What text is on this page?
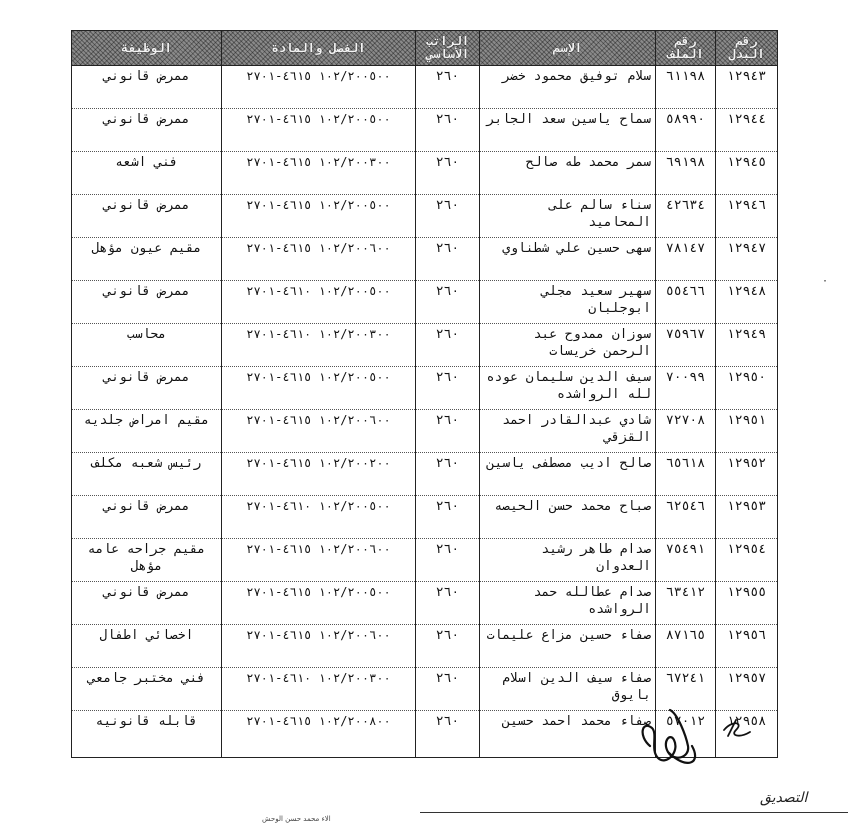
رقم البدل	رقم الملف	الإسم	الراتب الأساسي	الفصل والمادة	الوظيفة
١٢٩٤٣	٦١١٩٨	سلام توفيق محمود خضر	٢٦٠	١٠٢/٢٠٠٥٠٠ ٤٦١٥-٢٧٠١	ممرض قانوني
١٢٩٤٤	٥٨٩٩٠	سماح ياسين سعد الجابر	٢٦٠	١٠٢/٢٠٠٥٠٠ ٤٦١٥-٢٧٠١	ممرض قانوني
١٢٩٤٥	٦٩١٩٨	سمر محمد طه صالح	٢٦٠	١٠٢/٢٠٠٣٠٠ ٤٦١٥-٢٧٠١	فني اشعه
١٢٩٤٦	٤٢٦٣٤	سناء سالم على المحاميد	٢٦٠	١٠٢/٢٠٠٥٠٠ ٤٦١٥-٢٧٠١	ممرض قانوني
١٢٩٤٧	٧٨١٤٧	سهى حسين علي شطناوي	٢٦٠	١٠٢/٢٠٠٦٠٠ ٤٦١٥-٢٧٠١	مقيم عيون مؤهل
١٢٩٤٨	٥٥٤٦٦	سهير سعيد مجلي ابوجلبان	٢٦٠	١٠٢/٢٠٠٥٠٠ ٤٦١٠-٢٧٠١	ممرض قانوني
١٢٩٤٩	٧٥٩٦٧	سوزان ممدوح عبد الرحمن خريسات	٢٦٠	١٠٢/٢٠٠٣٠٠ ٤٦١٠-٢٧٠١	محاسب
١٢٩٥٠	٧٠٠٩٩	سيف الدين سليمان عوده لله الرواشده	٢٦٠	١٠٢/٢٠٠٥٠٠ ٤٦١٥-٢٧٠١	ممرض قانوني
١٢٩٥١	٧٢٧٠٨	شادي عبدالقادر احمد القزقي	٢٦٠	١٠٢/٢٠٠٦٠٠ ٤٦١٥-٢٧٠١	مقيم امراض جلديه
١٢٩٥٢	٦٥٦١٨	صالح اديب مصطفى ياسين	٢٦٠	١٠٢/٢٠٠٢٠٠ ٤٦١٥-٢٧٠١	رئيس شعبه مكلف
١٢٩٥٣	٦٢٥٤٦	صباح محمد حسن الحيصه	٢٦٠	١٠٢/٢٠٠٥٠٠ ٤٦١٠-٢٧٠١	ممرض قانوني
١٢٩٥٤	٧٥٤٩١	صدام طاهر رشيد العدوان	٢٦٠	١٠٢/٢٠٠٦٠٠ ٤٦١٥-٢٧٠١	مقيم جراحه عامه مؤهل
١٢٩٥٥	٦٣٤١٢	صدام عطالله حمد الرواشده	٢٦٠	١٠٢/٢٠٠٥٠٠ ٤٦١٥-٢٧٠١	ممرض قانوني
١٢٩٥٦	٨٧١٦٥	صفاء حسين مزاع عليمات	٢٦٠	١٠٢/٢٠٠٦٠٠ ٤٦١٥-٢٧٠١	اخصائي اطفال
١٢٩٥٧	٦٧٢٤١	صفاء سيف الدين اسلام بايوق	٢٦٠	١٠٢/٢٠٠٣٠٠ ٤٦١٠-٢٧٠١	فني مختبر جامعي
١٢٩٥٨	٥٧٠١٢	صفاء محمد احمد حسين	٢٦٠	١٠٢/٢٠٠٨٠٠ ٤٦١٥-٢٧٠١	قابله قانونيه
·
التصديق
الاء محمد حسن الوحش
